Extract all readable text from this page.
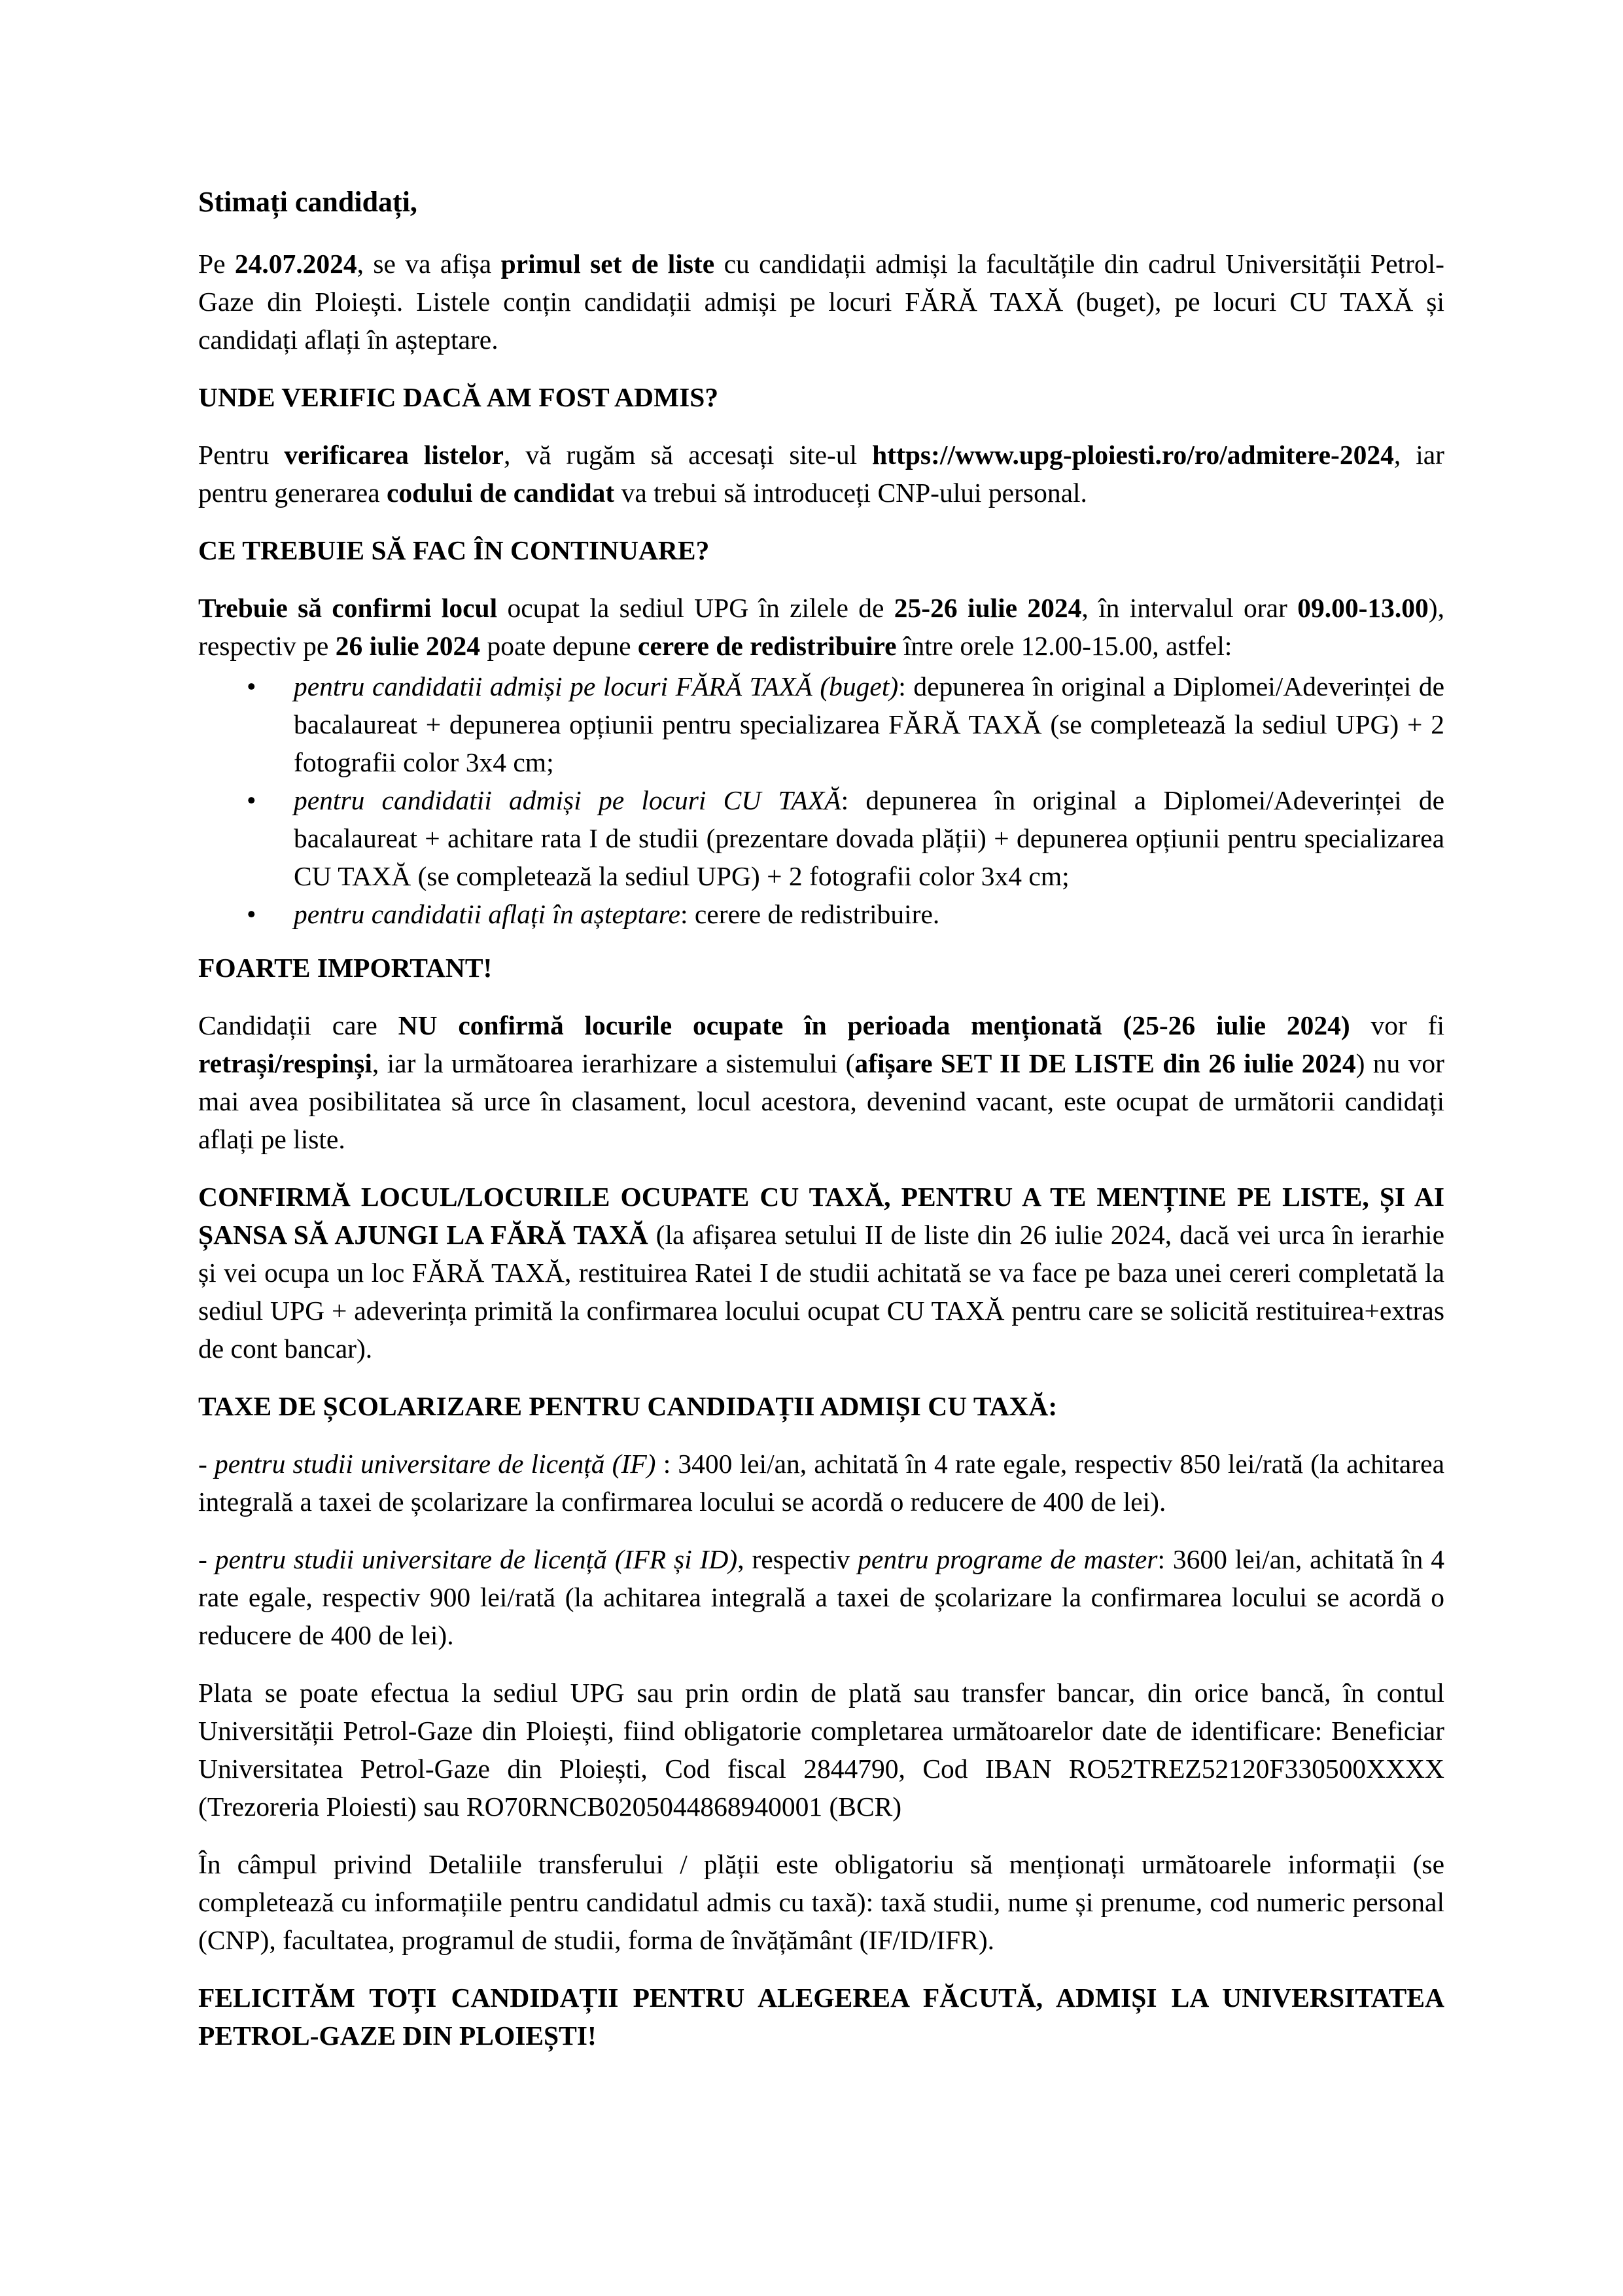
Stimați candidați,

Pe 24.07.2024, se va afișa primul set de liste cu candidații admiși la facultățile din cadrul Universității Petrol-Gaze din Ploiești. Listele conțin candidații admiși pe locuri FĂRĂ TAXĂ (buget), pe locuri CU TAXĂ și candidați aflați în așteptare.

UNDE VERIFIC DACĂ AM FOST ADMIS?

Pentru verificarea listelor, vă rugăm să accesați site-ul https://www.upg-ploiesti.ro/ro/admitere-2024, iar pentru generarea codului de candidat va trebui să introduceți CNP-ului personal.

CE TREBUIE SĂ FAC ÎN CONTINUARE?

Trebuie să confirmi locul ocupat la sediul UPG în zilele de 25-26 iulie 2024, în intervalul orar 09.00-13.00), respectiv pe 26 iulie 2024 poate depune cerere de redistribuire între orele 12.00-15.00, astfel:

•	pentru candidatii admiși pe locuri FĂRĂ TAXĂ (buget): depunerea în original a Diplomei/Adeverinței de bacalaureat + depunerea opțiunii pentru specializarea FĂRĂ TAXĂ (se completează la sediul UPG) + 2 fotografii color 3x4 cm;
•	pentru candidatii admiși pe locuri CU TAXĂ: depunerea în original a Diplomei/Adeverinței de bacalaureat + achitare rata I de studii (prezentare dovada plății) + depunerea opțiunii pentru specializarea CU TAXĂ (se completează la sediul UPG) + 2 fotografii color 3x4 cm;
•	pentru candidatii aflați în așteptare: cerere de redistribuire.

FOARTE IMPORTANT!

Candidații care NU confirmă locurile ocupate în perioada menționată (25-26 iulie 2024) vor fi retrași/respinși, iar la următoarea ierarhizare a sistemului (afișare SET II DE LISTE din 26 iulie 2024) nu vor mai avea posibilitatea să urce în clasament, locul acestora, devenind vacant, este ocupat de următorii candidați aflați pe liste.

CONFIRMĂ LOCUL/LOCURILE OCUPATE CU TAXĂ, PENTRU A TE MENȚINE PE LISTE, ȘI AI ȘANSA SĂ AJUNGI LA FĂRĂ TAXĂ (la afișarea setului II de liste din 26 iulie 2024, dacă vei urca în ierarhie și vei ocupa un loc FĂRĂ TAXĂ, restituirea Ratei I de studii achitată se va face pe baza unei cereri completată la sediul UPG + adeverința primită la confirmarea locului ocupat CU TAXĂ pentru care se solicită restituirea+extras de cont bancar).

TAXE DE ȘCOLARIZARE PENTRU CANDIDAȚII ADMIȘI CU TAXĂ:

- pentru studii universitare de licență (IF) : 3400 lei/an, achitată în 4 rate egale, respectiv 850 lei/rată (la achitarea integrală a taxei de școlarizare la confirmarea locului se acordă o reducere de 400 de lei).

- pentru studii universitare de licență (IFR și ID), respectiv pentru programe de master: 3600 lei/an, achitată în 4 rate egale, respectiv 900 lei/rată (la achitarea integrală a taxei de școlarizare la confirmarea locului se acordă o reducere de 400 de lei).

Plata se poate efectua la sediul UPG sau prin ordin de plată sau transfer bancar, din orice bancă, în contul Universității Petrol-Gaze din Ploiești, fiind obligatorie completarea următoarelor date de identificare: Beneficiar Universitatea Petrol-Gaze din Ploiești, Cod fiscal 2844790, Cod IBAN RO52TREZ52120F330500XXXX (Trezoreria Ploiesti) sau RO70RNCB0205044868940001 (BCR)

În câmpul privind Detaliile transferului / plății este obligatoriu să menționați următoarele informații (se completează cu informațiile pentru candidatul admis cu taxă): taxă studii, nume și prenume, cod numeric personal (CNP), facultatea, programul de studii, forma de învățământ (IF/ID/IFR).

FELICITĂM TOȚI CANDIDAȚII PENTRU ALEGEREA FĂCUTĂ, ADMIȘI LA UNIVERSITATEA PETROL-GAZE DIN PLOIEȘTI!
